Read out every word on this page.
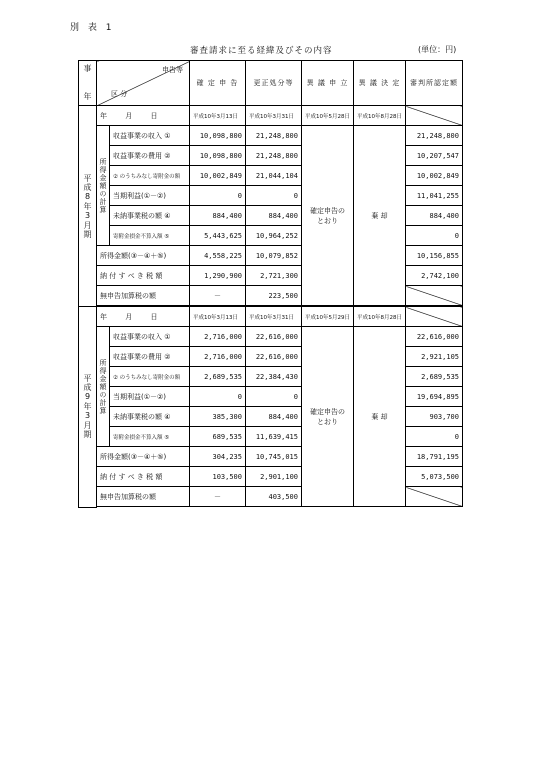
別 表 1
審査請求に至る経緯及びその内容	(単位：円)
事

年	申告等
区 分		確 定 申 告	更正処分等	異 議 申 立	異 議 決 定	審判所認定額
平成8年3月期	年 月 日		平成10年3月13日	平成10年3月31日	平成10年5月28日	平成10年8月28日	
	所得金額の計算	収益事業の収入 ①	10,098,800	21,248,800	確定申告のとおり	棄 却	21,248,800
		収益事業の費用 ②	10,098,800	21,248,800			10,207,547
		② のうちみなし寄附金の額	10,002,849	21,044,104			10,002,849
		当期利益(①－②)	0	0			11,041,255
		未納事業税の額 ④	884,400	884,400			884,400
		寄附金損金不算入額 ⑤	5,443,625	10,964,252			0
	所得金額(③－④＋⑤)		4,558,225	10,079,852			10,156,855
	納 付 す べ き 税 額		1,290,900	2,721,300			2,742,100
	無申告加算税の額		－	223,500			

平成9年3月期	年 月 日		平成10年3月13日	平成10年3月31日	平成10年5月29日	平成10年8月28日	
	所得金額の計算	収益事業の収入 ①	2,716,000	22,616,000	確定申告のとおり	棄 却	22,616,000
		収益事業の費用 ②	2,716,000	22,616,000			2,921,105
		② のうちみなし寄附金の額	2,689,535	22,384,430			2,689,535
		当期利益(①－②)	0	0			19,694,895
		未納事業税の額 ④	385,300	884,400			903,700
		寄附金損金不算入額 ⑤	689,535	11,639,415			0
	所得金額(③－④＋⑤)		304,235	10,745,015			18,791,195
	納 付 す べ き 税 額		103,500	2,901,100			5,073,500
	無申告加算税の額		－	403,500			
